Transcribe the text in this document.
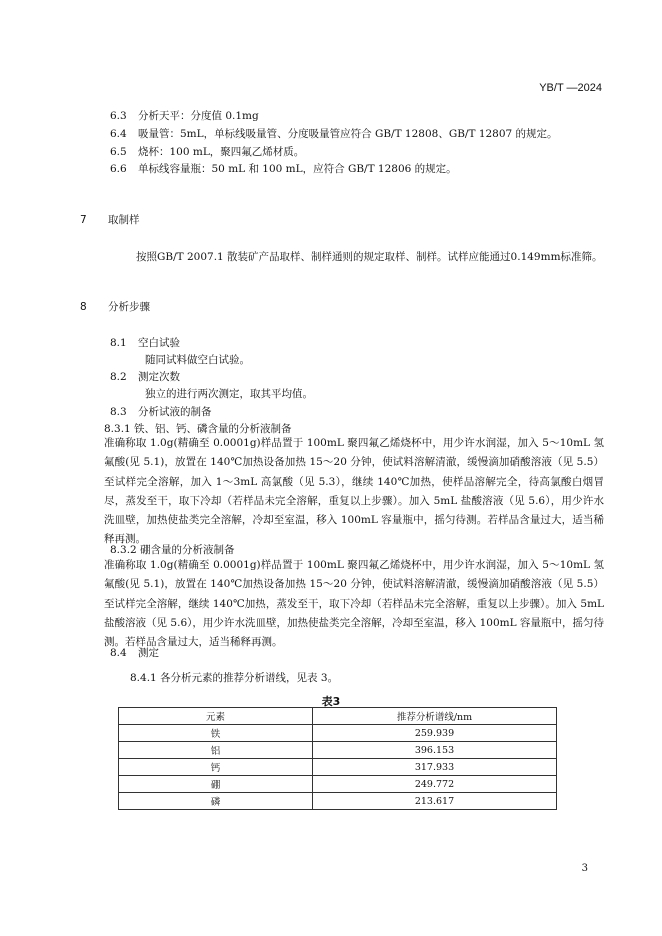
YB/T —2024
6.3 分析天平：分度值 0.1mg
6.4 吸量管：5mL，单标线吸量管、分度吸量管应符合 GB/T 12808、GB/T 12807 的规定。
6.5 烧杯：100 mL，聚四氟乙烯材质。
6.6 单标线容量瓶：50 mL 和 100 mL，应符合 GB/T 12806 的规定。
7 取制样
按照GB/T 2007.1 散装矿产品取样、制样通则的规定取样、制样。试样应能通过0.149mm标准筛。
8 分析步骤
8.1 空白试验
随同试料做空白试验。
8.2 测定次数
独立的进行两次测定，取其平均值。
8.3 分析试液的制备
8.3.1 铁、铝、钙、磷含量的分析液制备
准确称取 1.0g(精确至 0.0001g)样品置于 100mL 聚四氟乙烯烧杯中，用少许水润湿，加入 5～10mL 氢氟酸(见 5.1)，放置在 140℃加热设备加热 15～20 分钟，使试料溶解清澈，缓慢滴加硝酸溶液（见 5.5）至试样完全溶解，加入 1～3mL 高氯酸（见 5.3），继续 140℃加热，使样品溶解完全，待高氯酸白烟冒尽，蒸发至干，取下冷却（若样品未完全溶解，重复以上步骤）。加入 5mL 盐酸溶液（见 5.6），用少许水洗皿壁，加热使盐类完全溶解，冷却至室温，移入 100mL 容量瓶中，摇匀待测。若样品含量过大，适当稀释再测。
8.3.2 硼含量的分析液制备
准确称取 1.0g(精确至 0.0001g)样品置于 100mL 聚四氟乙烯烧杯中，用少许水润湿，加入 5～10mL 氢氟酸(见 5.1)，放置在 140℃加热设备加热 15～20 分钟，使试料溶解清澈，缓慢滴加硝酸溶液（见 5.5）至试样完全溶解，继续 140℃加热，蒸发至干，取下冷却（若样品未完全溶解，重复以上步骤）。加入 5mL 盐酸溶液（见 5.6），用少许水洗皿壁，加热使盐类完全溶解，冷却至室温，移入 100mL 容量瓶中，摇匀待测。若样品含量过大，适当稀释再测。
8.4 测定
8.4.1 各分析元素的推荐分析谱线，见表 3。
表3
元素	推荐分析谱线/nm
铁	259.939
铝	396.153
钙	317.933
硼	249.772
磷	213.617
3
